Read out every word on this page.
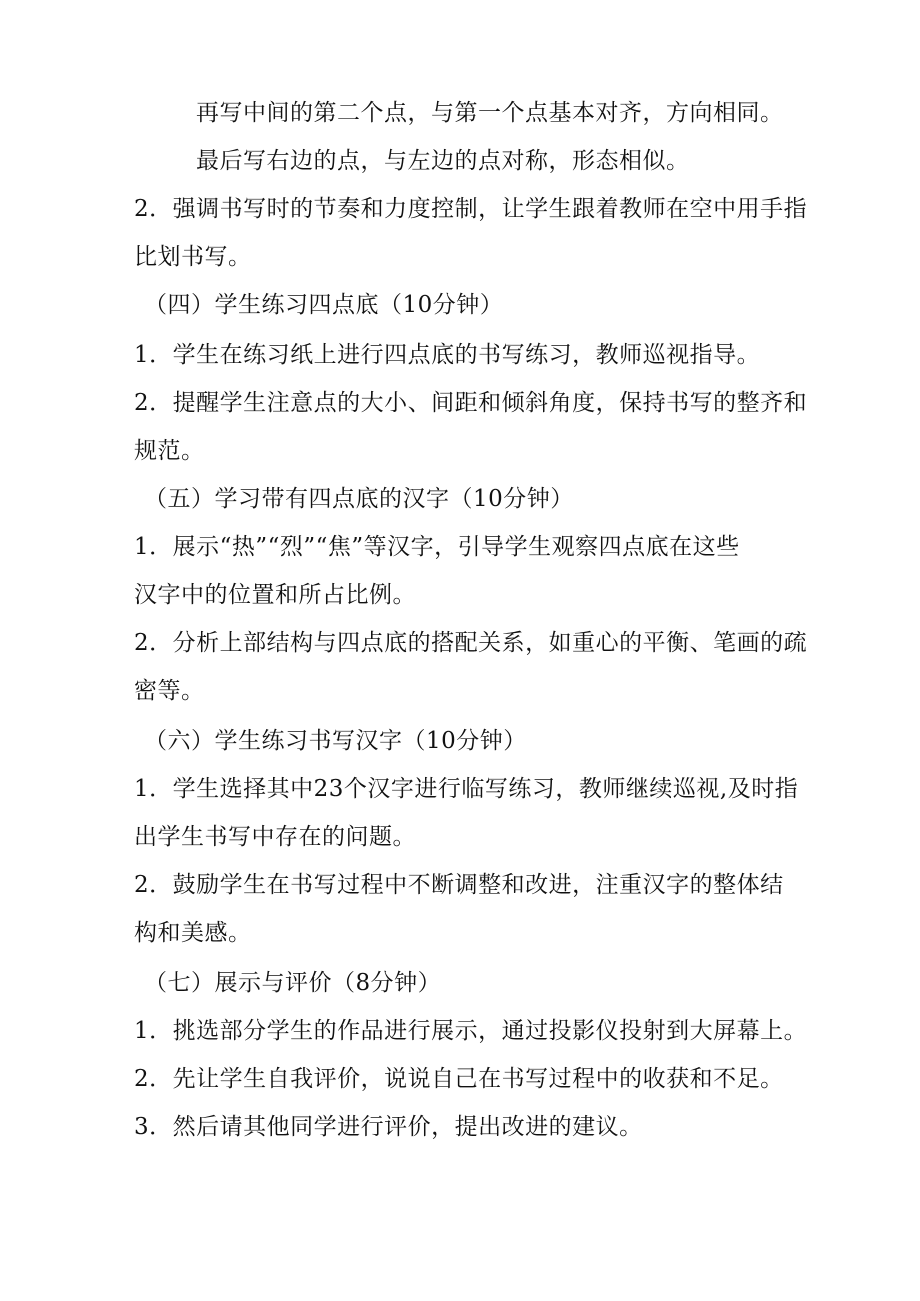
再写中间的第二个点，与第一个点基本对齐，方向相同。
最后写右边的点，与左边的点对称，形态相似。
2．强调书写时的节奏和力度控制，让学生跟着教师在空中用手指
比划书写。
（四）学生练习四点底（10分钟）
1．学生在练习纸上进行四点底的书写练习，教师巡视指导。
2．提醒学生注意点的大小、间距和倾斜角度，保持书写的整齐和
规范。
（五）学习带有四点底的汉字（10分钟）
1．展示“热”“烈”“焦”等汉字，引导学生观察四点底在这些
汉字中的位置和所占比例。
2．分析上部结构与四点底的搭配关系，如重心的平衡、笔画的疏
密等。
（六）学生练习书写汉字（10分钟）
1．学生选择其中23个汉字进行临写练习，教师继续巡视,及时指
出学生书写中存在的问题。
2．鼓励学生在书写过程中不断调整和改进，注重汉字的整体结
构和美感。
（七）展示与评价（8分钟）
1．挑选部分学生的作品进行展示，通过投影仪投射到大屏幕上。
2．先让学生自我评价，说说自己在书写过程中的收获和不足。
3．然后请其他同学进行评价，提出改进的建议。
